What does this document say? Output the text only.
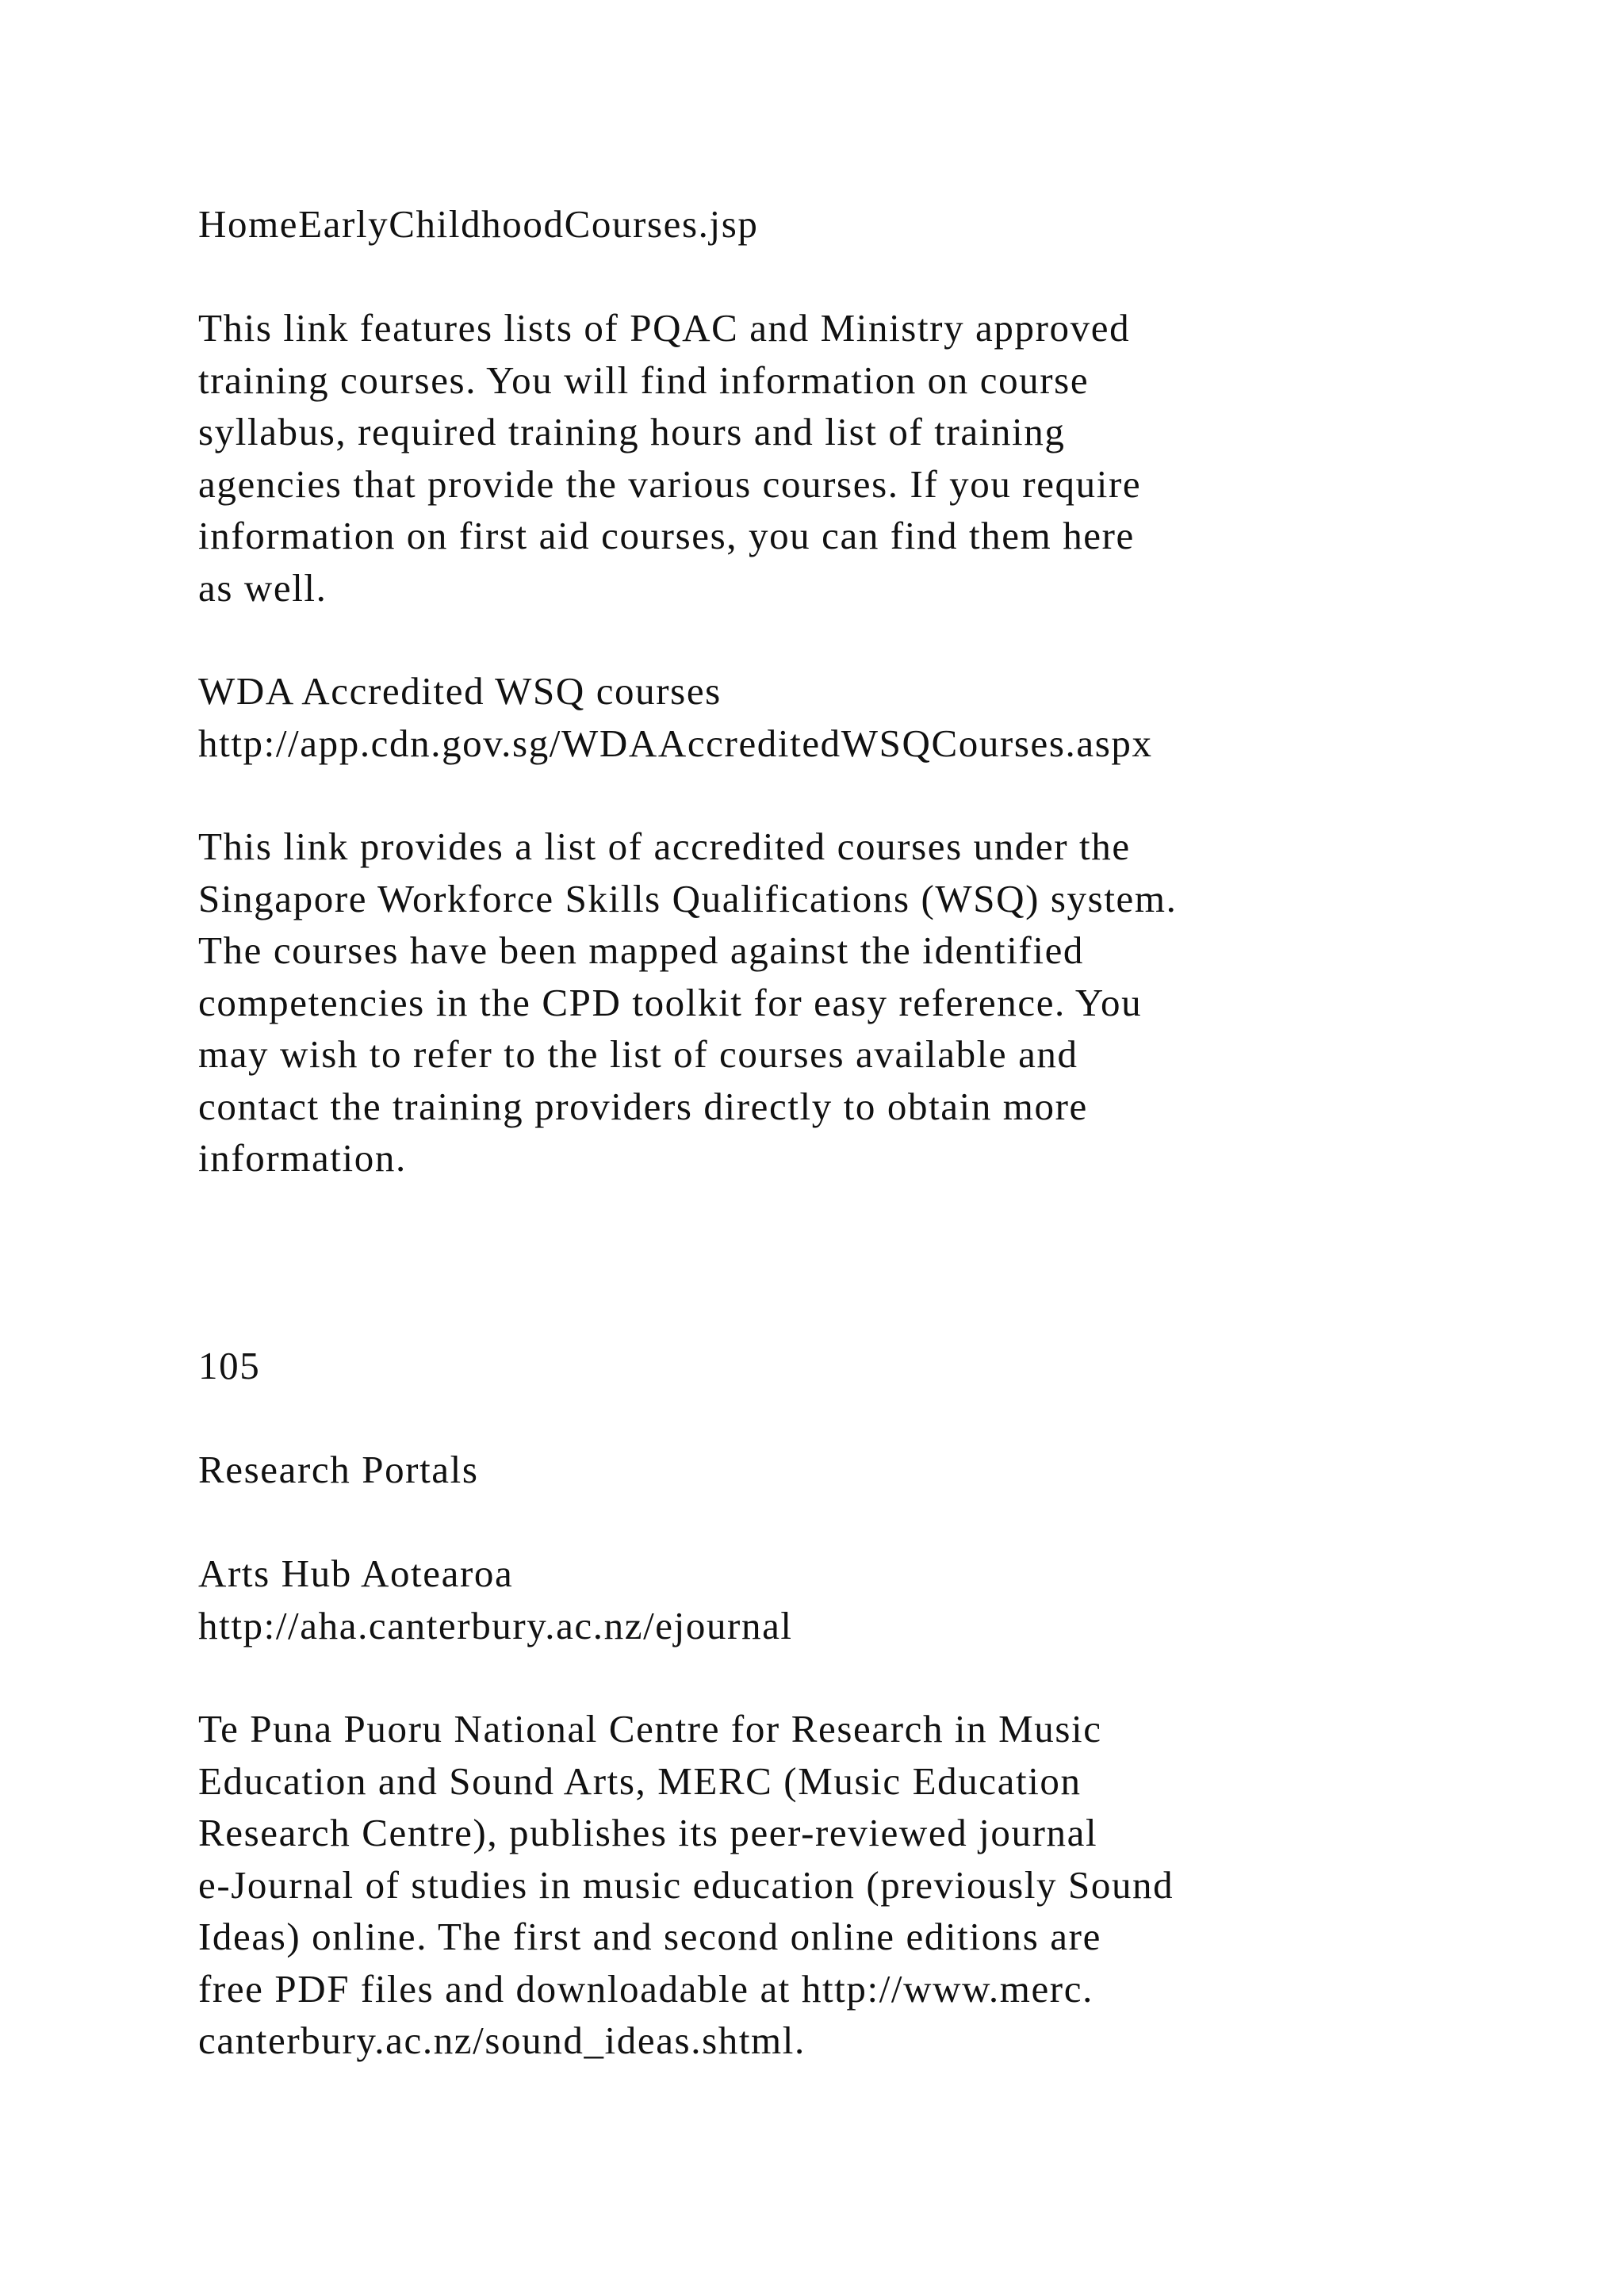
HomeEarlyChildhoodCourses.jsp
This link features lists of PQAC and Ministry approved
training courses. You will find information on course
syllabus, required training hours and list of training
agencies that provide the various courses. If you require
information on first aid courses, you can find them here
as well.
WDA Accredited WSQ courses
http://app.cdn.gov.sg/WDAAccreditedWSQCourses.aspx
This link provides a list of accredited courses under the
Singapore Workforce Skills Qualifications (WSQ) system.
The courses have been mapped against the identified
competencies in the CPD toolkit for easy reference. You
may wish to refer to the list of courses available and
contact the training providers directly to obtain more
information.
105
Research Portals
Arts Hub Aotearoa
http://aha.canterbury.ac.nz/ejournal
Te Puna Puoru National Centre for Research in Music
Education and Sound Arts, MERC (Music Education
Research Centre), publishes its peer-reviewed journal
e-Journal of studies in music education (previously Sound
Ideas) online. The first and second online editions are
free PDF files and downloadable at http://www.merc.
canterbury.ac.nz/sound_ideas.shtml.
